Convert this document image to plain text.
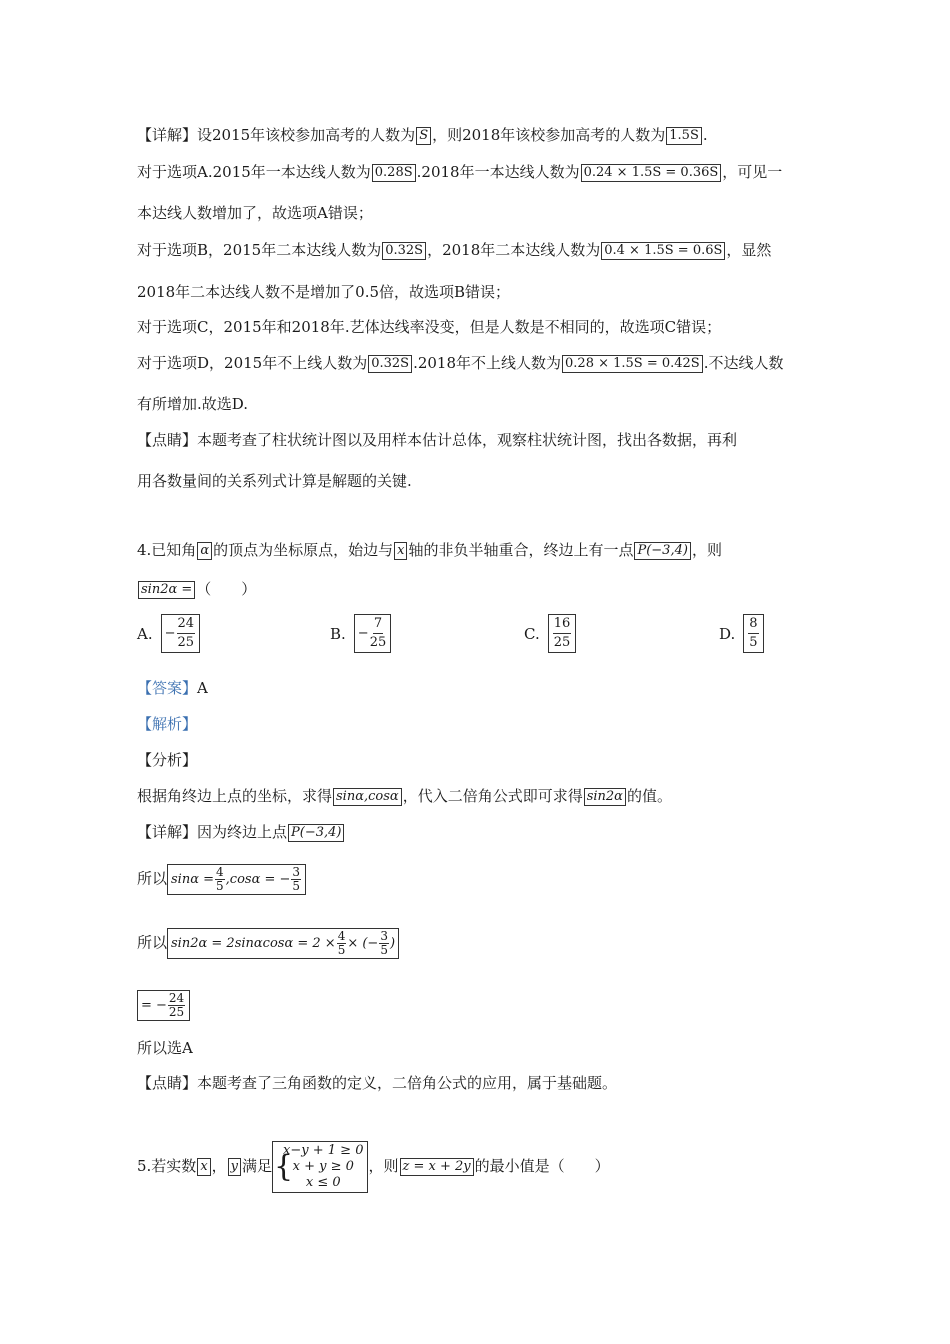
【详解】设2015年该校参加高考的人数为 S ，则2018年该校参加高考的人数为 1.5S .
对于选项A.2015年一本达线人数为 0.28S .2018年一本达线人数为 0.24 × 1.5S = 0.36S ，可见一
本达线人数增加了，故选项A错误；
对于选项B，2015年二本达线人数为 0.32S ，2018年二本达线人数为 0.4 × 1.5S = 0.6S ，显然
2018年二本达线人数不是增加了0.5倍，故选项B错误；
对于选项C，2015年和2018年.艺体达线率没变，但是人数是不相同的，故选项C错误；
对于选项D，2015年不上线人数为 0.32S .2018年不上线人数为 0.28 × 1.5S = 0.42S .不达线人数
有所增加.故选D.
【点睛】本题考查了柱状统计图以及用样本估计总体，观察柱状统计图，找出各数据，再利
用各数量间的关系列式计算是解题的关键.
4.已知角 α 的顶点为坐标原点，始边与 x 轴的非负半轴重合，终边上有一点 P(−3,4) ，则
sin2α = （　　）
A. − $\frac{24}{25}$	B. − $\frac{7}{25}$	C. $\frac{16}{25}$	D. $\frac{8}{5}$
【答案】A
【解析】
【分析】
根据角终边上点的坐标，求得 sinα,cosα ，代入二倍角公式即可求得 sin2α 的值。
【详解】因为终边上点 P(−3,4)
所以 $\sin\alpha = \frac{4}{5} ,\cos\alpha$ = − $\frac{3}{5}$
所以 $\sin 2\alpha = 2\sin\alpha\cos\alpha = 2 \times \frac{4}{5}$ × (− $\frac{3}{5}$ )
= − $\frac{24}{25}$
所以选A
【点睛】本题考查了三角函数的定义，二倍角公式的应用，属于基础题。
5.若实数 x ， y 满足
{ x−y + 1 ≥ 0
x + y ≥ 0
x ≤ 0
，则 z = x + 2y 的最小值是（　　）
